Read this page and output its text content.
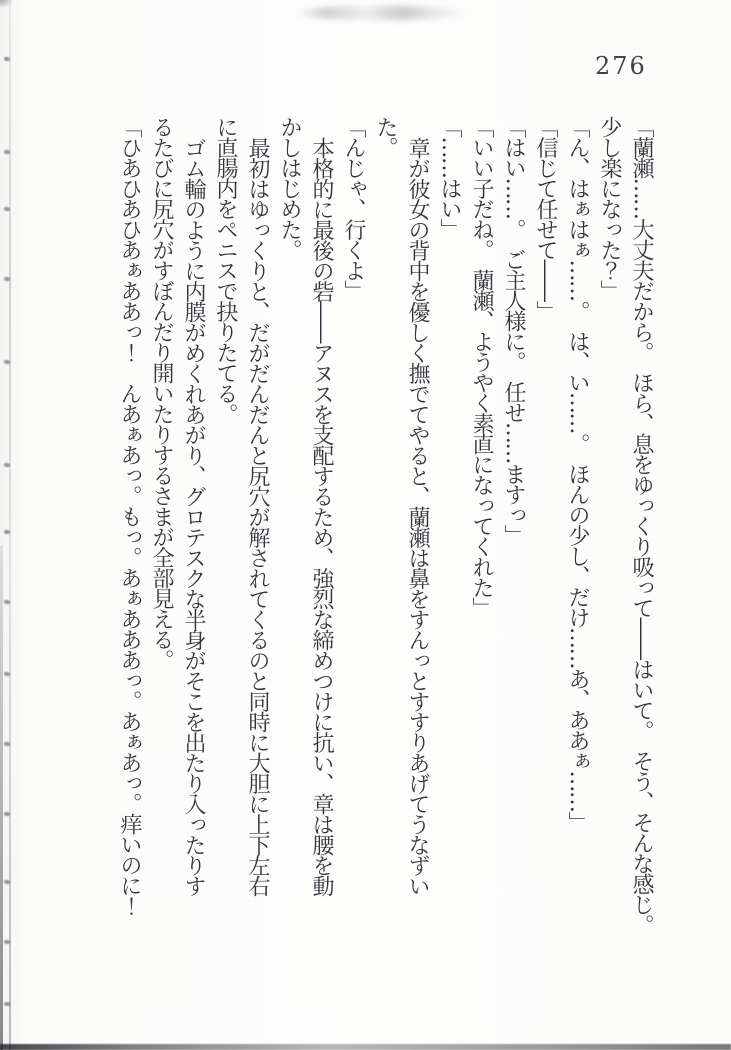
276
「蘭瀬……大丈夫だから。　ほら、息をゆっくり吸って――はいて。　そう、そんな感じ。
少し楽になった？」
「ん、はぁはぁ……。　は、い……。　ほんの少し、だけ……あ、ああぁ……」
「信じて任せて――」
「はい……。　ご主人様に。　任せ……ますっ」
「いい子だね。　蘭瀬、ようやく素直になってくれた」
「……はい」
章が彼女の背中を優しく撫でてやると、蘭瀬は鼻をすんっとすすりあげてうなずい
た。
「んじゃ、行くよ」
本格的に最後の砦――アヌスを支配するため、強烈な締めつけに抗い、章は腰を動
かしはじめた。
最初はゆっくりと、だがだんだんと尻穴が解されてくるのと同時に大胆に上下左右
に直腸内をペニスで抉りたてる。
ゴム輪のように内膜がめくれあがり、グロテスクな半身がそこを出たり入ったりす
るたびに尻穴がすぼんだり開いたりするさまが全部見える。
「ひあひあひあぁああっ！　んあぁあっ。もっ。あぁあああっ。あぁあっ。痒いのに！
